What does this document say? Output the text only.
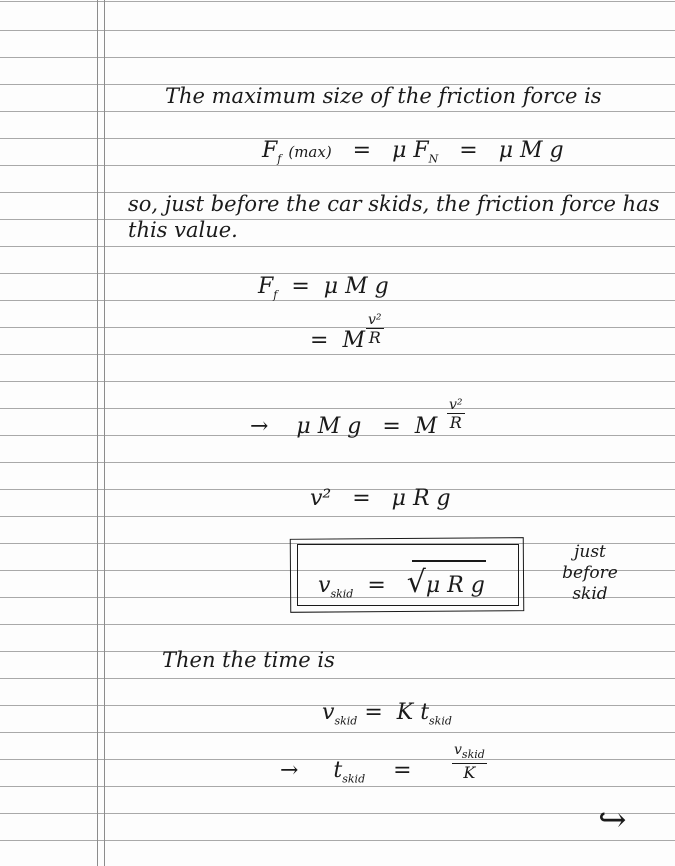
The maximum size of the friction force is
$F_f$ (max) = μ $F_N = \mu$ M g
so, just before the car skids, the friction force has
this value.
$F_f = \mu$ M g
= M $\frac{\text{v²}}{R}$
→ μ M g = M $\frac{\text{v²}}{R}$
v² = μ R g
$v_{skid} = √\mu$ R g
just
before
skid
Then the time is
$v_{skid} = K$ $t_{skid}$
→ $t_{skid}$ =
$v_{skid}$
K
↪
